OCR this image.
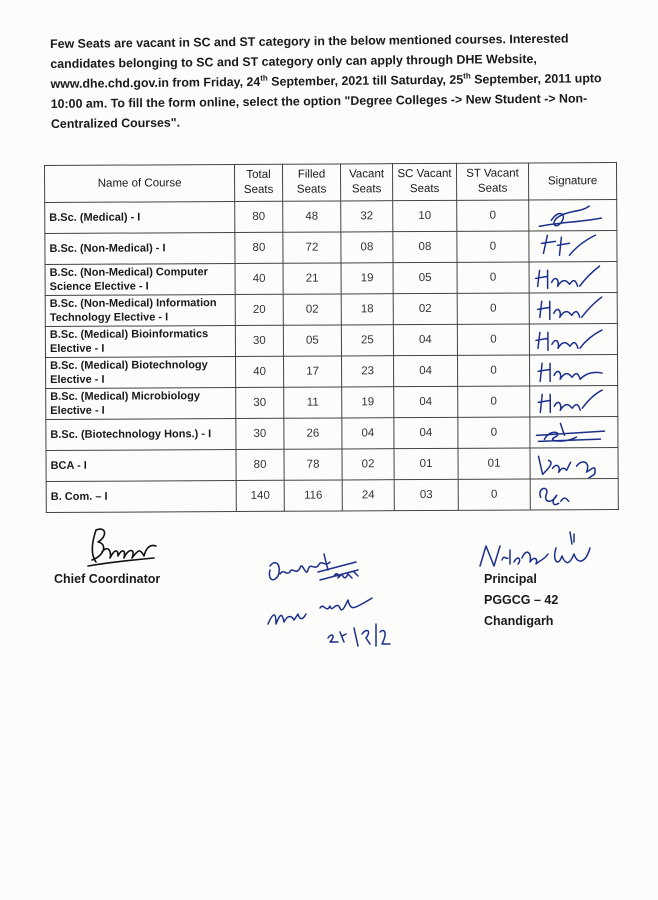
Few Seats are vacant in SC and ST category in the below mentioned courses. Interested candidates belonging to SC and ST category only can apply through DHE Website, www.dhe.chd.gov.in from Friday, 24th September, 2021 till Saturday, 25th September, 2011 upto 10:00 am. To fill the form online, select the option "Degree Colleges -> New Student -> Non-Centralized Courses".
Name of Course	Total Seats	Filled Seats	Vacant Seats	SC Vacant Seats	ST Vacant Seats	Signature
B.Sc. (Medical) - I	80	48	32	10	0	

B.Sc. (Non-Medical) - I	80	72	08	08	0	

B.Sc. (Non-Medical) Computer Science Elective - I	40	21	19	05	0	

B.Sc. (Non-Medical) Information Technology Elective - I	20	02	18	02	0	

B.Sc. (Medical) Bioinformatics Elective - I	30	05	25	04	0	

B.Sc. (Medical) Biotechnology Elective - I	40	17	23	04	0	

B.Sc. (Medical) Microbiology Elective - I	30	11	19	04	0	

B.Sc. (Biotechnology Hons.) - I	30	26	04	04	0	

BCA - I	80	78	02	01	01	

B. Com. – I	140	116	24	03	0	
Chief Coordinator	Principal
PGGCG – 42
Chandigarh
